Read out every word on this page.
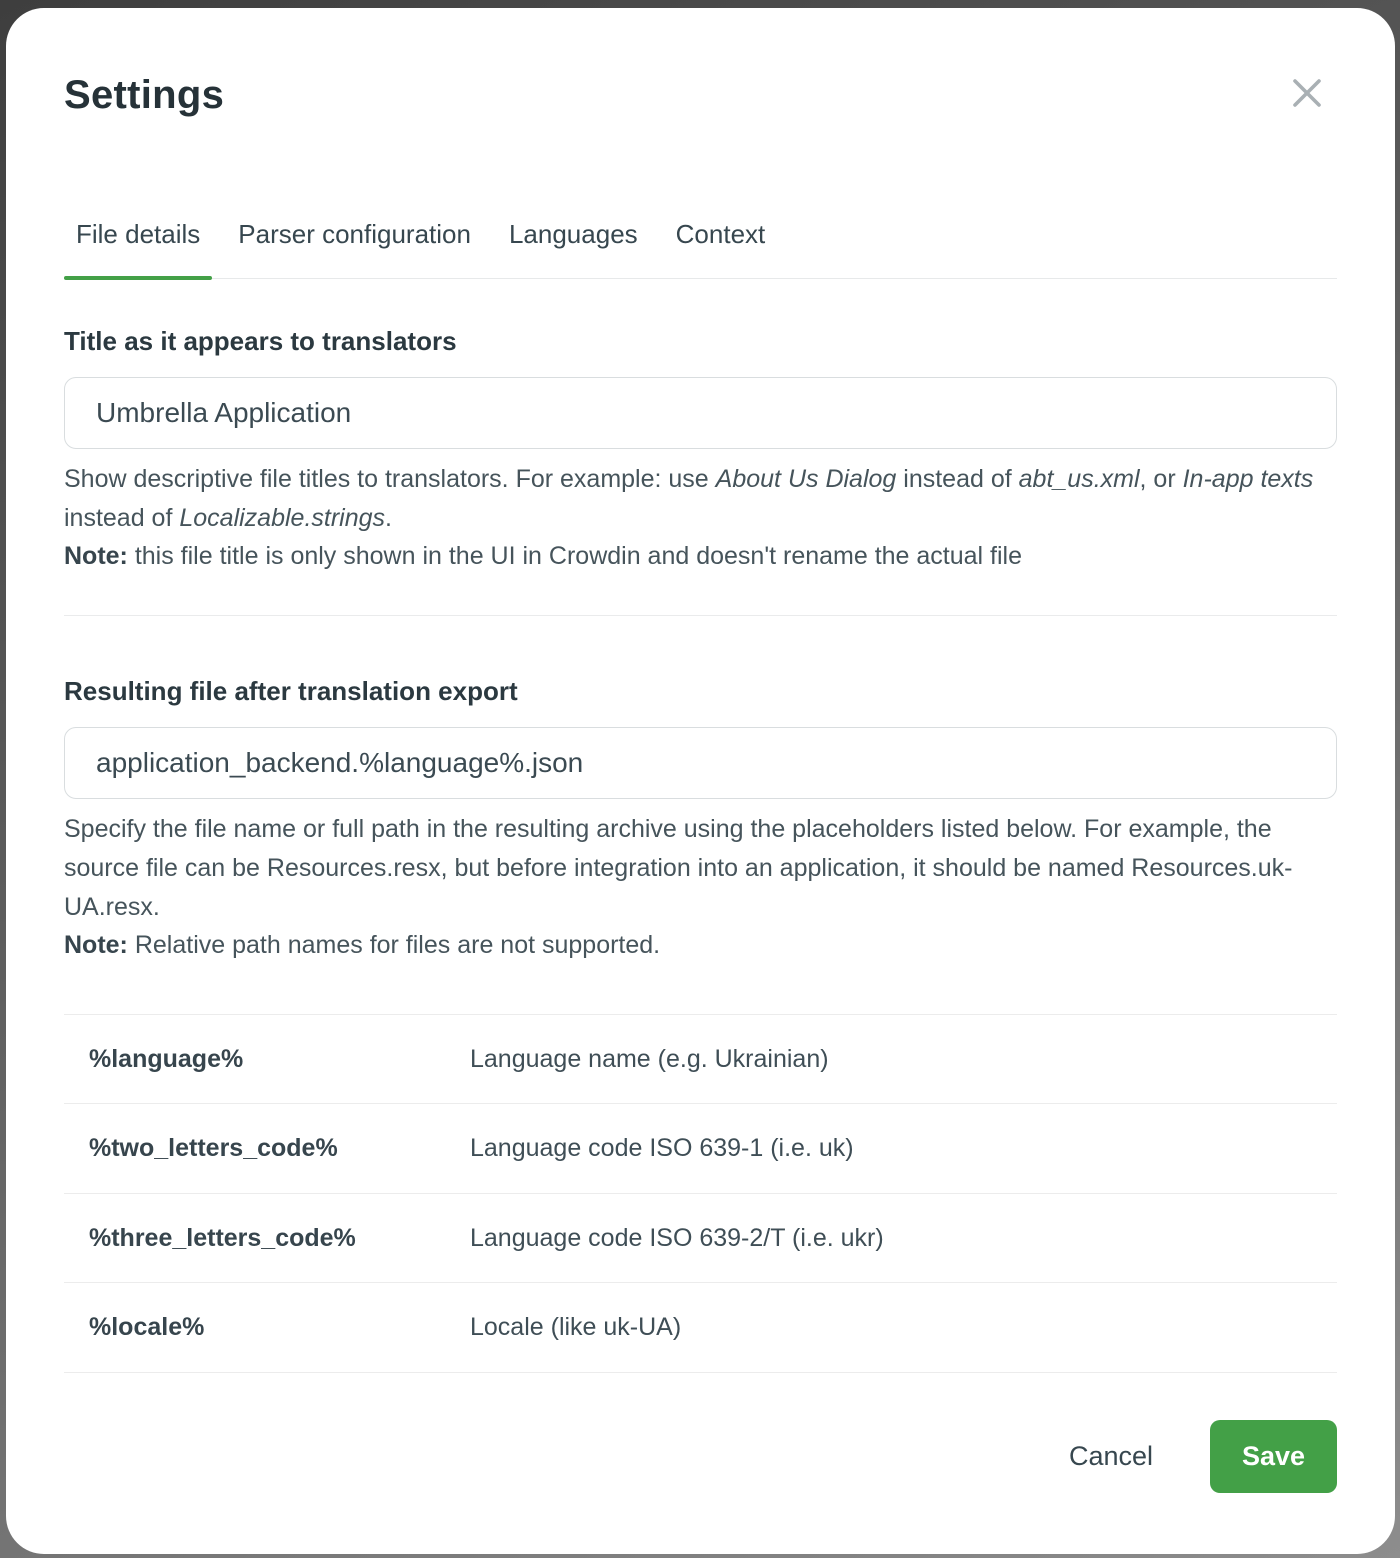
Settings
File details	Parser configuration	Languages	Context
Title as it appears to translators
Umbrella Application
Show descriptive file titles to translators. For example: use About Us Dialog instead of abt_us.xml, or In-app texts instead of Localizable.strings.
Note: this file title is only shown in the UI in Crowdin and doesn't rename the actual file
Resulting file after translation export
application_backend.%language%.json
Specify the file name or full path in the resulting archive using the placeholders listed below. For example, the source file can be Resources.resx, but before integration into an application, it should be named Resources.uk-UA.resx.
Note: Relative path names for files are not supported.
%language%	Language name (e.g. Ukrainian)
%two_letters_code%	Language code ISO 639-1 (i.e. uk)
%three_letters_code%	Language code ISO 639-2/T (i.e. ukr)
%locale%	Locale (like uk-UA)
Cancel	Save
